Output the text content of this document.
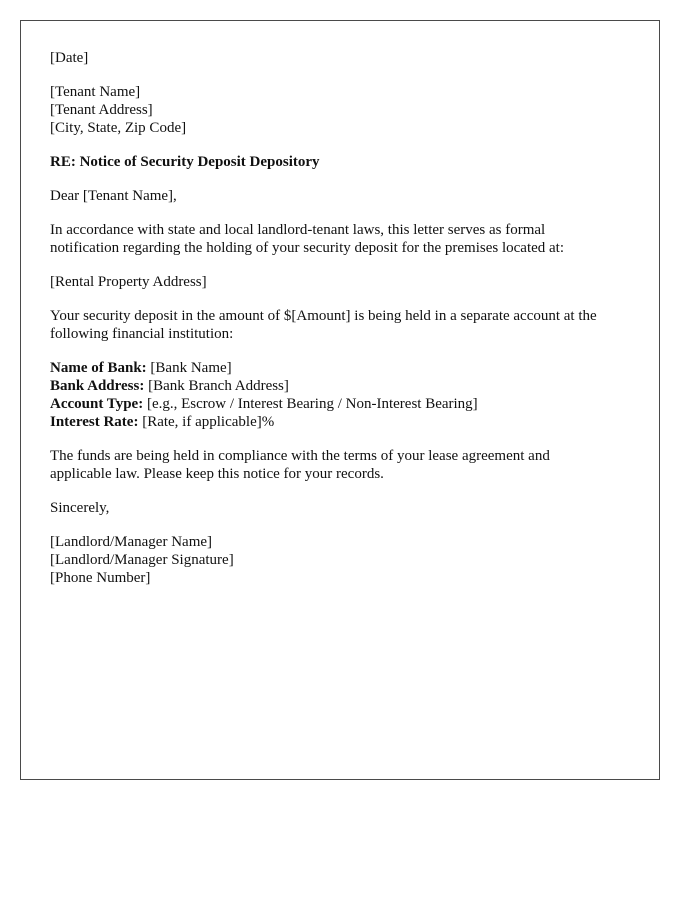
[Date]

[Tenant Name]
[Tenant Address]
[City, State, Zip Code]

RE: Notice of Security Deposit Depository

Dear [Tenant Name],

In accordance with state and local landlord-tenant laws, this letter serves as formal
notification regarding the holding of your security deposit for the premises located at:

[Rental Property Address]

Your security deposit in the amount of $[Amount] is being held in a separate account at the
following financial institution:

Name of Bank: [Bank Name]
Bank Address: [Bank Branch Address]
Account Type: [e.g., Escrow / Interest Bearing / Non-Interest Bearing]
Interest Rate: [Rate, if applicable]%

The funds are being held in compliance with the terms of your lease agreement and
applicable law. Please keep this notice for your records.

Sincerely,

[Landlord/Manager Name]
[Landlord/Manager Signature]
[Phone Number]
